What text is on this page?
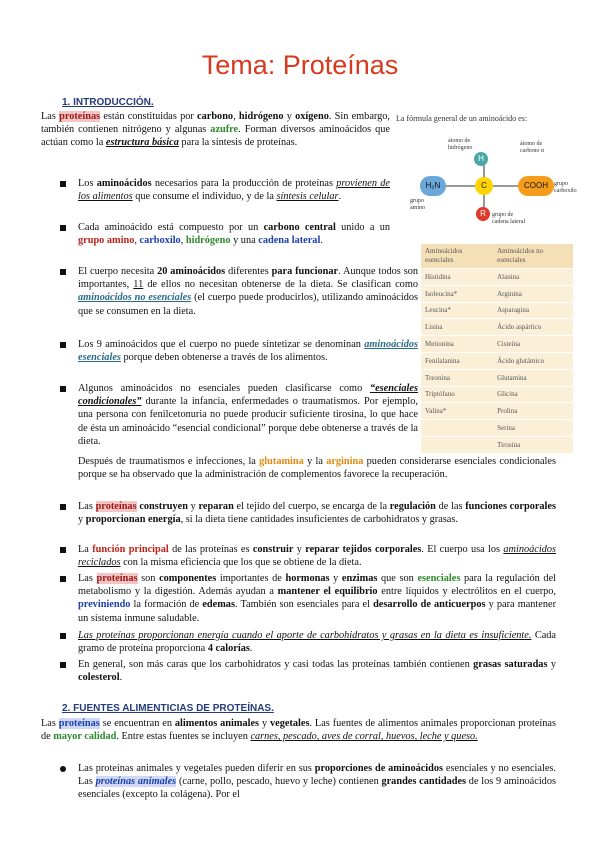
Tema: Proteínas
1. INTRODUCCIÓN.
Las proteínas están constituidas por carbono, hidrógeno y oxígeno. Sin embargo, también contienen nitrógeno y algunas azufre. Forman diversos aminoácidos que actúan como la estructura básica para la síntesis de proteínas.
La fórmula general de un aminoácido es:
H
C
H₂N	COOH
R
átomo de hidrógeno
átomo de carbono α
grupo amino
grupo carboxilo
grupo de cadena lateral
Aminoácidos esenciales	Aminoácidos no esenciales
Histidina	Alanina
Isoleucina*	Arginina
Leucina*	Asparagina
Lisina	Ácido aspártico
Metionina	Cisteína
Fenilalanina	Ácido glutámico
Treonina	Glutamina
Triptófano	Glicina
Valina*	Prolina
	Serina
	Tirosina
Los aminoácidos necesarios para la producción de proteínas provienen de los alimentos que consume el individuo, y de la síntesis celular.
Cada aminoácido está compuesto por un carbono central unido a un grupo amino, carboxilo, hidrógeno y una cadena lateral.
El cuerpo necesita 20 aminoácidos diferentes para funcionar. Aunque todos son importantes, 11 de ellos no necesitan obtenerse de la dieta. Se clasifican como aminoácidos no esenciales (el cuerpo puede producirlos), utilizando aminoácidos que se consumen en la dieta.
Los 9 aminoácidos que el cuerpo no puede sintetizar se denominan aminoácidos esenciales porque deben obtenerse a través de los alimentos.
Algunos aminoácidos no esenciales pueden clasificarse como “esenciales condicionales” durante la infancia, enfermedades o traumatismos. Por ejemplo, una persona con fenilcetonuria no puede producir suficiente tirosina, lo que hace de ésta un aminoácido “esencial condicional” porque debe obtenerse a través de la dieta.
Después de traumatismos e infecciones, la glutamina y la arginina pueden considerarse esenciales condicionales porque se ha observado que la administración de complementos favorece la recuperación.
Las proteínas construyen y reparan el tejido del cuerpo, se encarga de la regulación de las funciones corporales y proporcionan energía, si la dieta tiene cantidades insuficientes de carbohidratos y grasas.
La función principal de las proteínas es construir y reparar tejidos corporales. El cuerpo usa los aminoácidos reciclados con la misma eficiencia que los que se obtiene de la dieta.
Las proteínas son componentes importantes de hormonas y enzimas que son esenciales para la regulación del metabolismo y la digestión. Además ayudan a mantener el equilibrio entre líquidos y electrólitos en el cuerpo, previniendo la formación de edemas. También son esenciales para el desarrollo de anticuerpos y para mantener un sistema inmune saludable.
Las proteínas proporcionan energía cuando el aporte de carbohidratos y grasas en la dieta es insuficiente. Cada gramo de proteína proporciona 4 calorías.
En general, son más caras que los carbohidratos y casi todas las proteínas también contienen grasas saturadas y colesterol.
2. FUENTES ALIMENTICIAS DE PROTEÍNAS.
Las proteínas se encuentran en alimentos animales y vegetales. Las fuentes de alimentos animales proporcionan proteínas de mayor calidad. Entre estas fuentes se incluyen carnes, pescado, aves de corral, huevos, leche y queso.
Las proteínas animales y vegetales pueden diferir en sus proporciones de aminoácidos esenciales y no esenciales. Las proteínas animales (carne, pollo, pescado, huevo y leche) contienen grandes cantidades de los 9 aminoácidos esenciales (excepto la colágena). Por el
